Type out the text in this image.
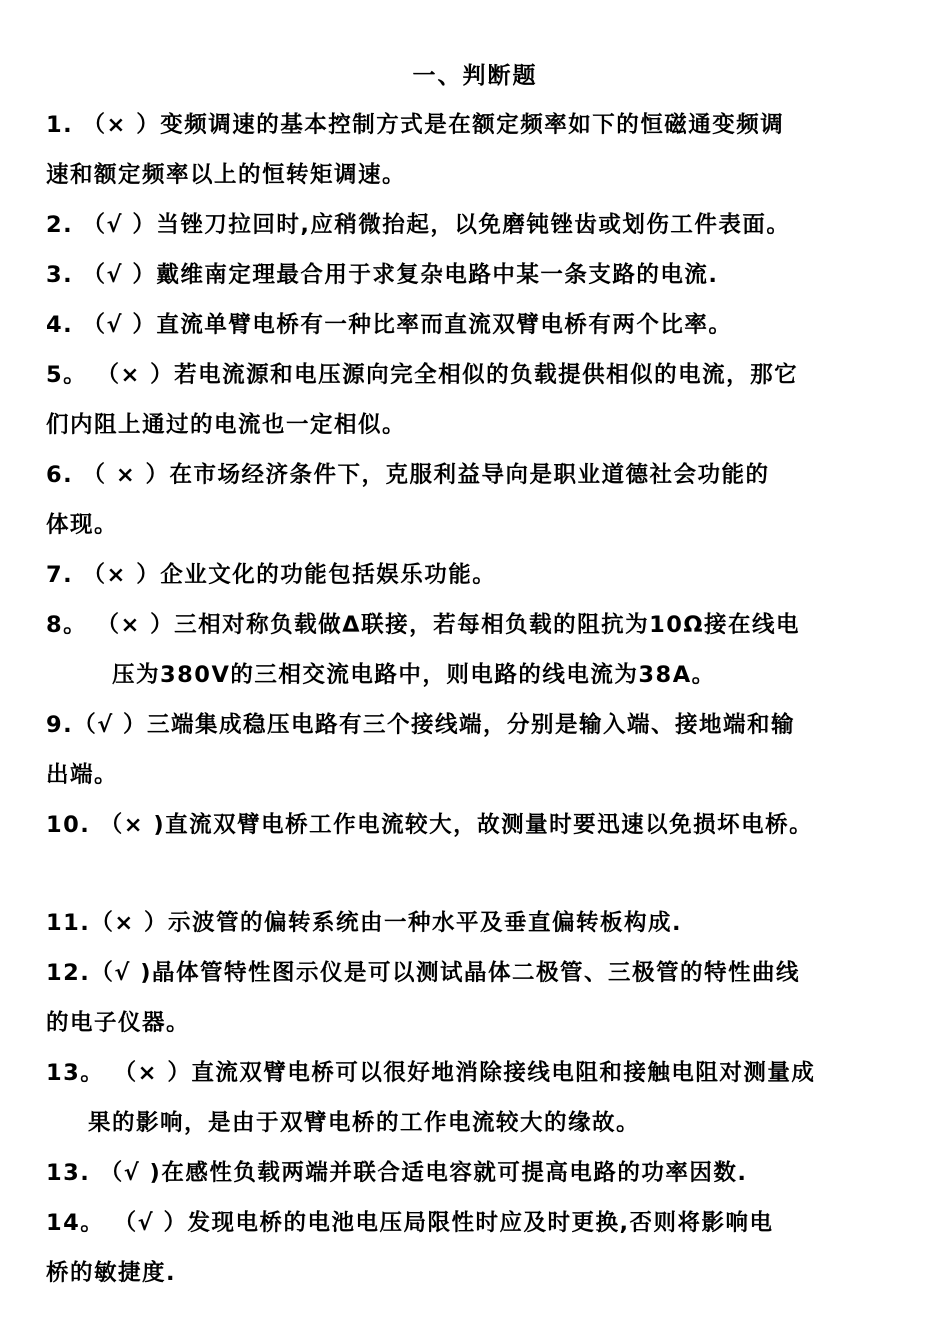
一、判断题
1. （× ）变频调速的基本控制方式是在额定频率如下的恒磁通变频调
速和额定频率以上的恒转矩调速。
2. （√ ）当锉刀拉回时,应稍微抬起，以免磨钝锉齿或划伤工件表面。
3. （√ ）戴维南定理最合用于求复杂电路中某一条支路的电流.
4. （√ ）直流单臂电桥有一种比率而直流双臂电桥有两个比率。
5。 （× ）若电流源和电压源向完全相似的负载提供相似的电流，那它
们内阻上通过的电流也一定相似。
6. （ × ）在市场经济条件下，克服利益导向是职业道德社会功能的
体现。
7. （× ）企业文化的功能包括娱乐功能。
8。 （× ）三相对称负载做Δ联接，若每相负载的阻抗为10Ω接在线电
压为380V的三相交流电路中，则电路的线电流为38A。
9.（√ ）三端集成稳压电路有三个接线端，分别是输入端、接地端和输
出端。
10. （× )直流双臂电桥工作电流较大，故测量时要迅速以免损坏电桥。
11.（× ）示波管的偏转系统由一种水平及垂直偏转板构成.
12.（√ )晶体管特性图示仪是可以测试晶体二极管、三极管的特性曲线
的电子仪器。
13。 （× ）直流双臂电桥可以很好地消除接线电阻和接触电阻对测量成
果的影响，是由于双臂电桥的工作电流较大的缘故。
13. （√ )在感性负载两端并联合适电容就可提高电路的功率因数.
14。 （√ ）发现电桥的电池电压局限性时应及时更换,否则将影响电
桥的敏捷度.
